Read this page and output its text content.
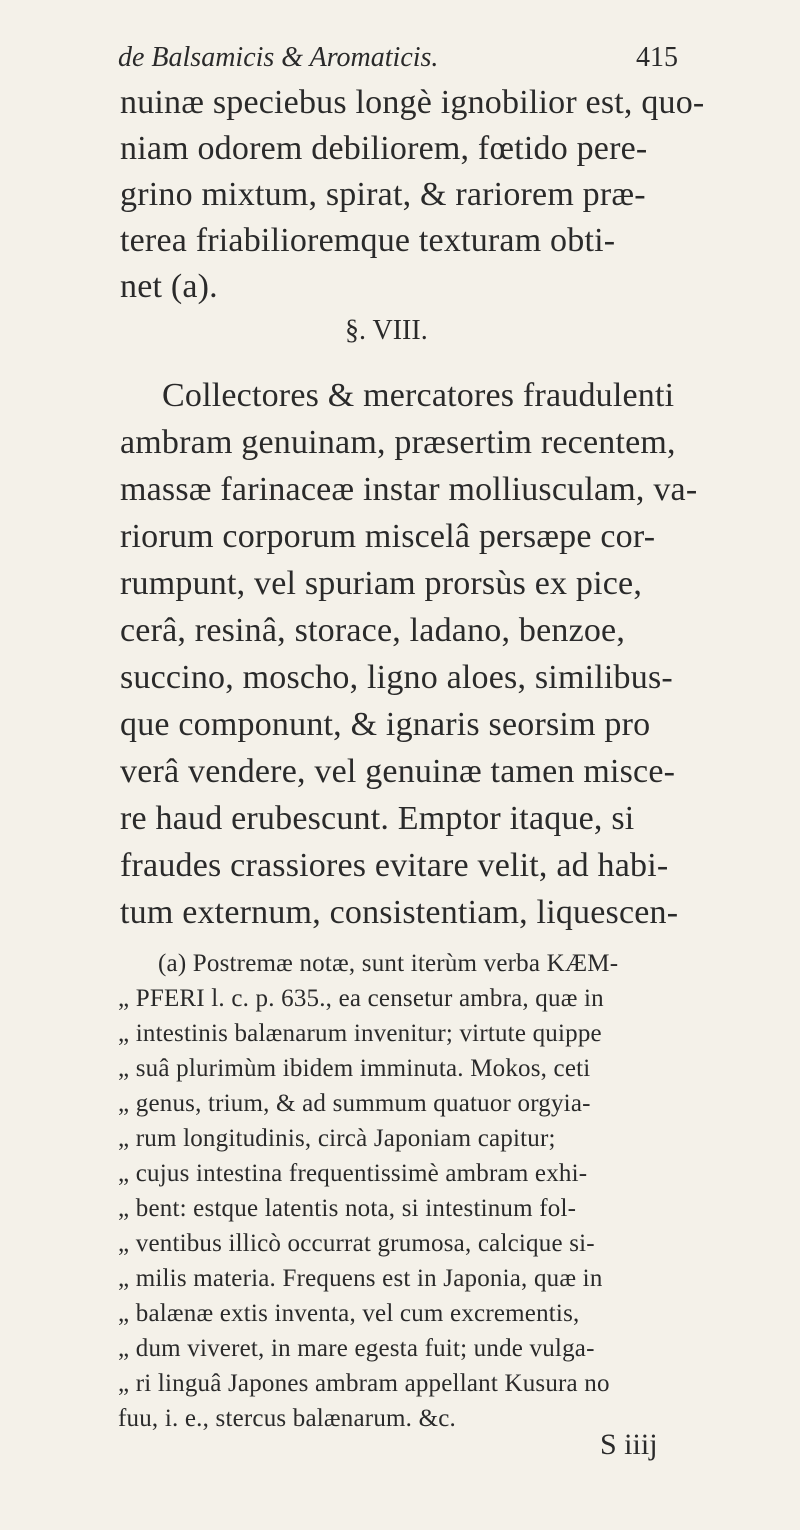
de Balsamicis & Aromaticis.	415
nuinæ speciebus longè ignobilior est, quo-
niam odorem debiliorem, fœtido pere-
grino mixtum, spirat, & rariorem præ-
terea friabilioremque texturam obti-
net (a).
§. VIII.
Collectores & mercatores fraudulenti
ambram genuinam, præsertim recentem,
massæ farinaceæ instar molliusculam, va-
riorum corporum miscelâ persæpe cor-
rumpunt, vel spuriam prorsùs ex pice,
cerâ, resinâ, storace, ladano, benzoe,
succino, moscho, ligno aloes, similibus-
que componunt, & ignaris seorsim pro
verâ vendere, vel genuinæ tamen misce-
re haud erubescunt. Emptor itaque, si
fraudes crassiores evitare velit, ad habi-
tum externum, consistentiam, liquescen-
(a) Postremæ notæ, sunt iterùm verba KÆM-
„ PFERI l. c. p. 635., ea censetur ambra, quæ in
„ intestinis balænarum invenitur; virtute quippe
„ suâ plurimùm ibidem imminuta. Mokos, ceti
„ genus, trium, & ad summum quatuor orgyia-
„ rum longitudinis, circà Japoniam capitur;
„ cujus intestina frequentissimè ambram exhi-
„ bent: estque latentis nota, si intestinum fol-
„ ventibus illicò occurrat grumosa, calcique si-
„ milis materia. Frequens est in Japonia, quæ in
„ balænæ extis inventa, vel cum excrementis,
„ dum viveret, in mare egesta fuit; unde vulga-
„ ri linguâ Japones ambram appellant Kusura no
fuu, i. e., stercus balænarum. &c.
S iiij
